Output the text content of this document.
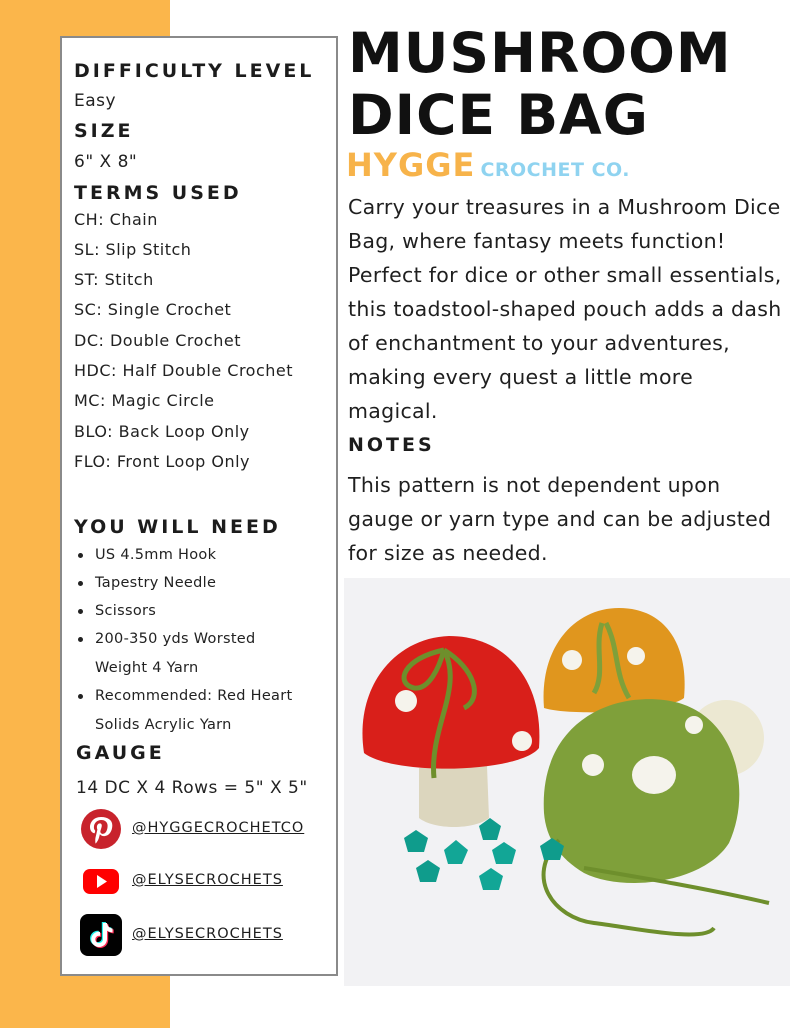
DIFFICULTY LEVEL
Easy
SIZE
6" X 8"
TERMS USED
CH: Chain
SL: Slip Stitch
ST: Stitch
SC: Single Crochet
DC: Double Crochet
HDC: Half Double Crochet
MC: Magic Circle
BLO: Back Loop Only
FLO: Front Loop Only
YOU WILL NEED
US 4.5mm Hook
Tapestry Needle
Scissors
200-350 yds Worsted Weight 4 Yarn
Recommended: Red Heart Solids Acrylic Yarn
GAUGE
14 DC X 4 Rows = 5" X 5"
@HYGGECROCHETCO
@ELYSECROCHETS
@ELYSECROCHETS
MUSHROOM
DICE BAG
HYGGE CROCHET CO.
Carry your treasures in a Mushroom Dice Bag, where fantasy meets function! Perfect for dice or other small essentials, this toadstool-shaped pouch adds a dash of enchantment to your adventures, making every quest a little more magical.
NOTES
This pattern is not dependent upon gauge or yarn type and can be adjusted for size as needed.
